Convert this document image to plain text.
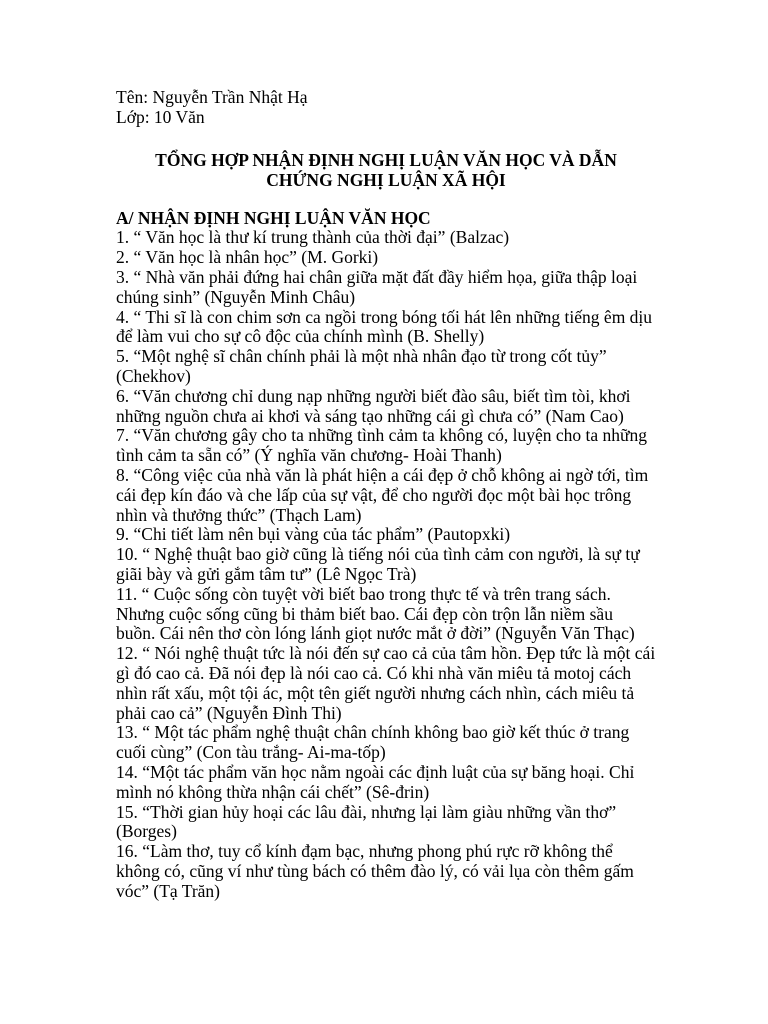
Tên: Nguyễn Trần Nhật Hạ
Lớp: 10 Văn
TỔNG HỢP NHẬN ĐỊNH NGHỊ LUẬN VĂN HỌC VÀ DẪN CHỨNG NGHỊ LUẬN XÃ HỘI
A/ NHẬN ĐỊNH NGHỊ LUẬN VĂN HỌC
1. “ Văn học là thư kí trung thành của thời đại” (Balzac)
2. “ Văn học là nhân học” (M. Gorki)
3. “ Nhà văn phải đứng hai chân giữa mặt đất đầy hiểm họa, giữa thập loại chúng sinh” (Nguyễn Minh Châu)
4. “ Thi sĩ là con chim sơn ca ngồi trong bóng tối hát lên những tiếng êm dịu để làm vui cho sự cô độc của chính mình (B. Shelly)
5. “Một nghệ sĩ chân chính phải là một nhà nhân đạo từ trong cốt tủy” (Chekhov)
6. “Văn chương chỉ dung nạp những người biết đào sâu, biết tìm tòi, khơi những nguồn chưa ai khơi và sáng tạo những cái gì chưa có” (Nam Cao)
7. “Văn chương gây cho ta những tình cảm ta không có, luyện cho ta những tình cảm ta sẵn có” (Ý nghĩa văn chương- Hoài Thanh)
8. “Công việc của nhà văn là phát hiện a cái đẹp ở chỗ không ai ngờ tới, tìm cái đẹp kín đáo và che lấp của sự vật, để cho người đọc một bài học trông nhìn và thưởng thức” (Thạch Lam)
9. “Chi tiết làm nên bụi vàng của tác phẩm” (Pautopxki)
10. “ Nghệ thuật bao giờ cũng là tiếng nói của tình cảm con người, là sự tự giãi bày và gửi gắm tâm tư” (Lê Ngọc Trà)
11. “ Cuộc sống còn tuyệt vời biết bao trong thực tế và trên trang sách. Nhưng cuộc sống cũng bi thảm biết bao. Cái đẹp còn trộn lẫn niềm sầu buồn. Cái nên thơ còn lóng lánh giọt nước mắt ở đời” (Nguyễn Văn Thạc)
12. “ Nói nghệ thuật tức là nói đến sự cao cả của tâm hồn. Đẹp tức là một cái gì đó cao cả. Đã nói đẹp là nói cao cả. Có khi nhà văn miêu tả motoj cách nhìn rất xấu, một tội ác, một tên giết người nhưng cách nhìn, cách miêu tả phải cao cả” (Nguyễn Đình Thi)
13. “ Một tác phẩm nghệ thuật chân chính không bao giờ kết thúc ở trang cuối cùng” (Con tàu trắng- Ai-ma-tốp)
14. “Một tác phẩm văn học nằm ngoài các định luật của sự băng hoại. Chỉ mình nó không thừa nhận cái chết” (Sê-đrin)
15. “Thời gian hủy hoại các lâu đài, nhưng lại làm giàu những vần thơ” (Borges)
16. “Làm thơ, tuy cổ kính đạm bạc, nhưng phong phú rực rỡ không thể không có, cũng ví như tùng bách có thêm đào lý, có vải lụa còn thêm gấm vóc” (Tạ Trăn)
